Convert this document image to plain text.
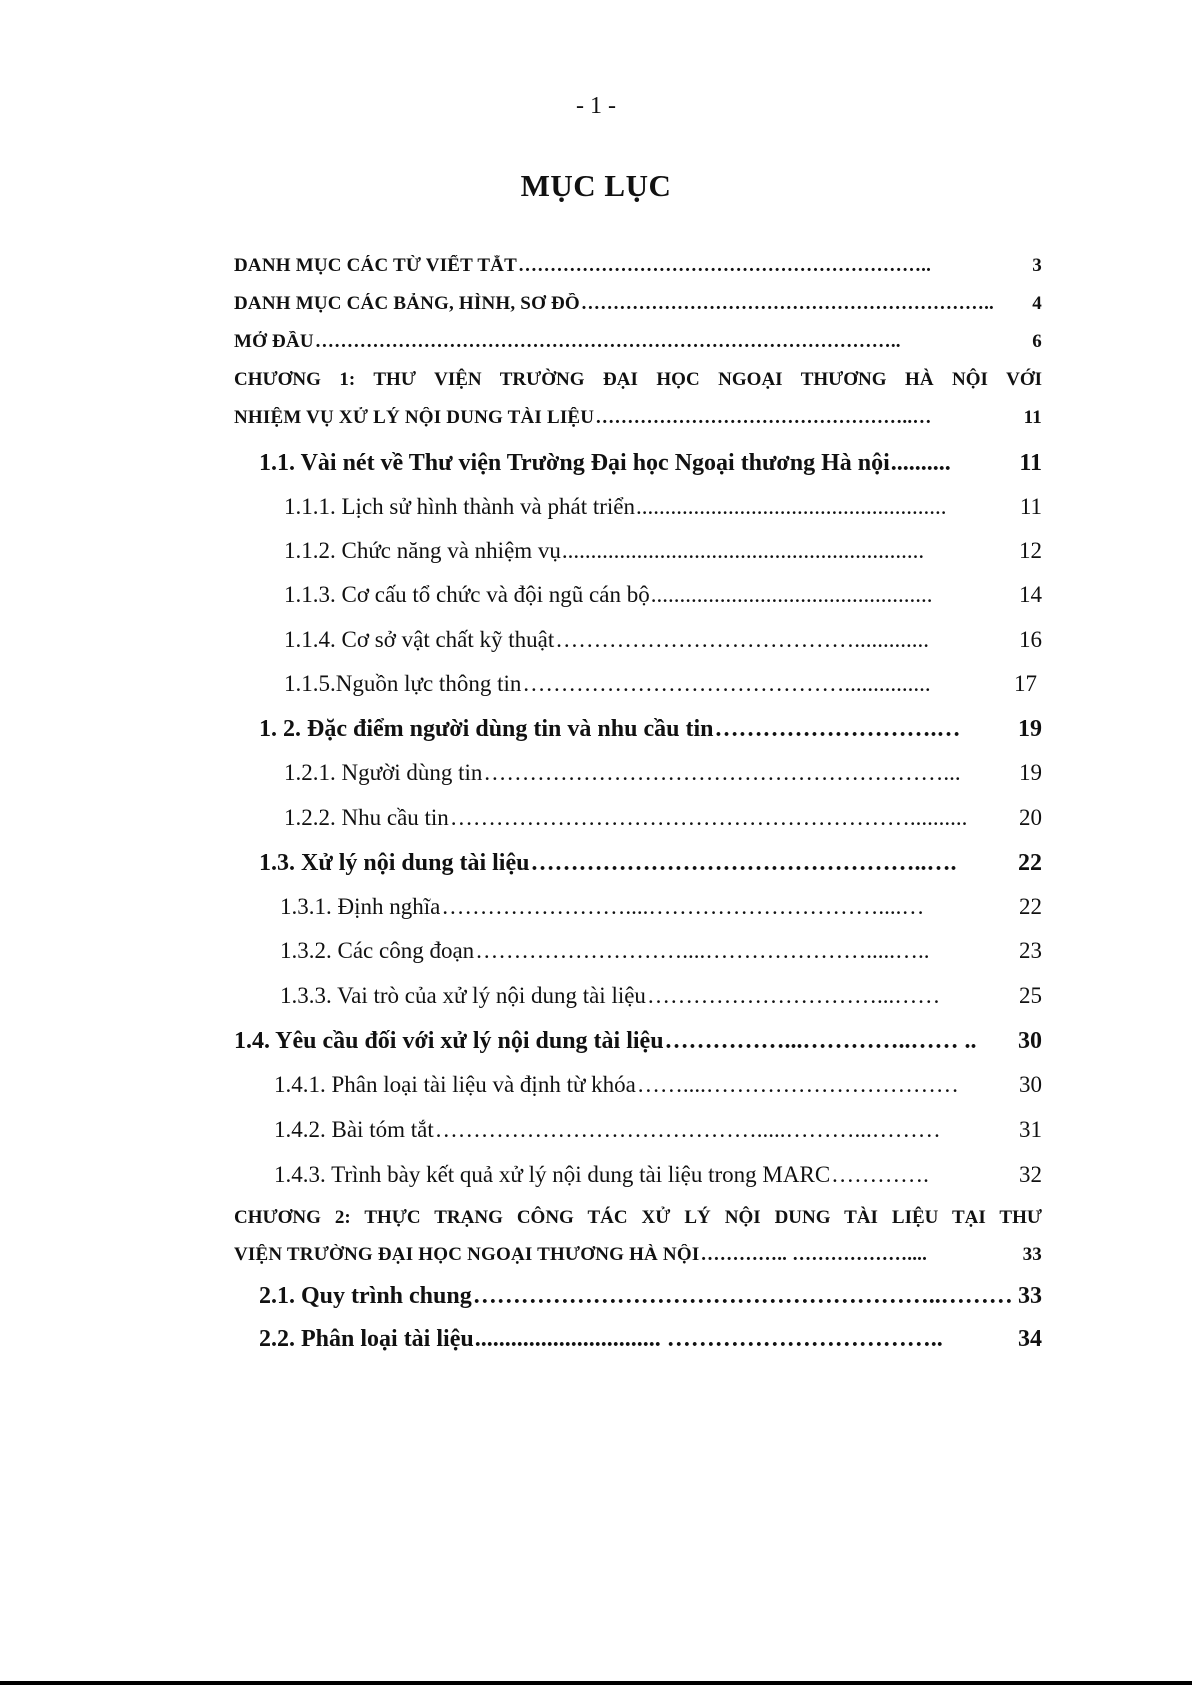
- 1 -
MỤC LỤC
DANH MỤC CÁC TỪ VIẾT TẮT ………………………………………………………..	3
DANH MỤC CÁC BẢNG, HÌNH, SƠ ĐỒ ………………………………………………………..	4
MỞ ĐẦU ………………………………………………………………………………..	6
CHƯƠNG 1: THƯ VIỆN TRƯỜNG ĐẠI HỌC NGOẠI THƯƠNG HÀ NỘI VỚI
NHIỆM VỤ XỬ LÝ NỘI DUNG TÀI LIỆU …………………………………………..…	11
1.1. Vài nét về Thư viện Trường Đại học Ngoại thương Hà nội ..........	11
1.1.1. Lịch sử hình thành và phát triển ......................................................	11
1.1.2. Chức năng và nhiệm vụ ...............................................................	12
1.1.3. Cơ cấu tổ chức và đội ngũ cán bộ .................................................	14
1.1.4. Cơ sở vật chất kỹ thuật ………………………………….............	16
1.1.5.Nguồn lực thông tin ……………………………………...............	17
1. 2. Đặc điểm người dùng tin và nhu cầu tin ……………………….…	19
1.2.1. Người dùng tin ……………………………………………………...	19
1.2.2. Nhu cầu tin ……………………………………………………..........	20
1.3. Xử lý nội dung tài liệu …………………………………………..….	22
1.3.1. Định nghĩa ……………………....…………………………....…	22
1.3.2. Các công đoạn ………………………....………………….....…..	23
1.3.3. Vai trò của xử lý nội dung tài liệu …………………………...……	25
1.4. Yêu cầu đối với xử lý nội dung tài liệu ……………...…………..…… ..	30
1.4.1. Phân loại tài liệu và định từ khóa ……....……………………………	30
1.4.2. Bài tóm tắt …………………………………….....………...………	31
1.4.3. Trình bày kết quả xử lý nội dung tài liệu trong MARC ………….	32
CHƯƠNG 2: THỰC TRẠNG CÔNG TÁC XỬ LÝ NỘI DUNG TÀI LIỆU TẠI THƯ
VIỆN TRƯỜNG ĐẠI HỌC NGOẠI THƯƠNG HÀ NỘI ………….. ………………....	33
2.1. Quy trình chung …………………………………………………..……… 33
2.2. Phân loại tài liệu ............................... ……………………………..	34
